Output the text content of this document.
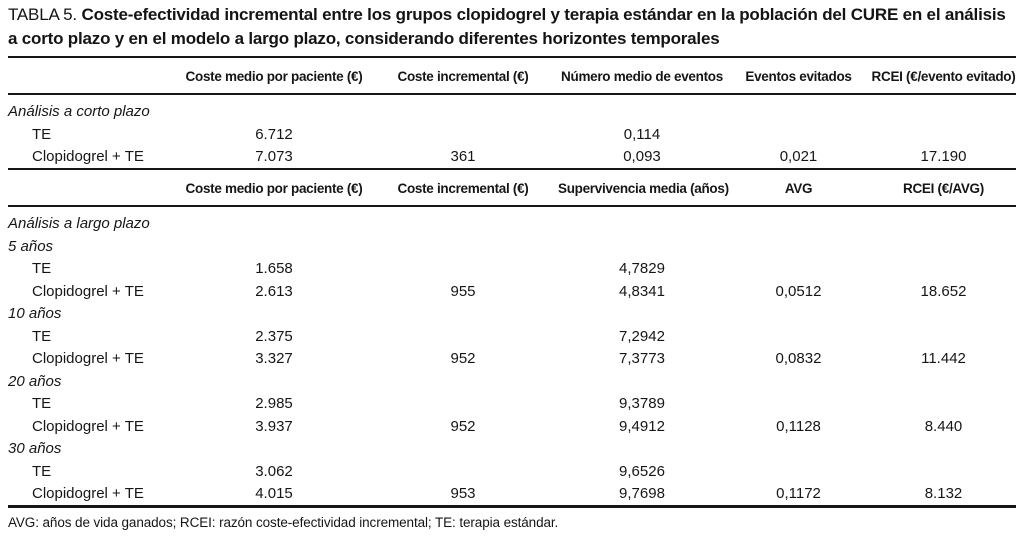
TABLA 5. Coste-efectividad incremental entre los grupos clopidogrel y terapia estándar en la población del CURE en el análisis a corto plazo y en el modelo a largo plazo, considerando diferentes horizontes temporales

	Coste medio por paciente (€)	Coste incremental (€)	Número medio de eventos	Eventos evitados	RCEI (€/evento evitado)
Análisis a corto plazo					
TE	6.712		0,114		
Clopidogrel + TE	7.073	361	0,093	0,021	17.190
	Coste medio por paciente (€)	Coste incremental (€)	Supervivencia media (años)	AVG	RCEI (€/AVG)
Análisis a largo plazo					
5 años					
TE	1.658		4,7829		
Clopidogrel + TE	2.613	955	4,8341	0,0512	18.652
10 años					
TE	2.375		7,2942		
Clopidogrel + TE	3.327	952	7,3773	0,0832	11.442
20 años					
TE	2.985		9,3789		
Clopidogrel + TE	3.937	952	9,4912	0,1128	8.440
30 años					
TE	3.062		9,6526		
Clopidogrel + TE	4.015	953	9,7698	0,1172	8.132
AVG: años de vida ganados; RCEI: razón coste-efectividad incremental; TE: terapia estándar.
